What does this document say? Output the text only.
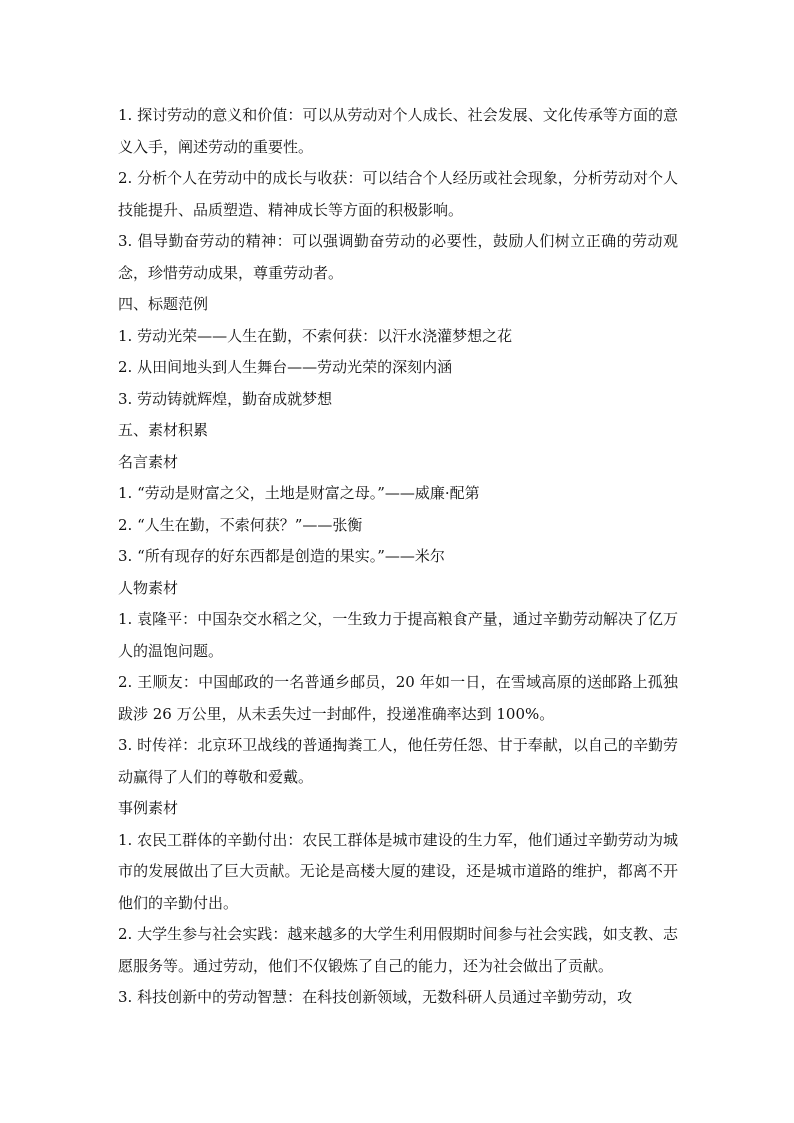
1. 探讨劳动的意义和价值：可以从劳动对个人成长、社会发展、文化传承等方面的意义入手，阐述劳动的重要性。

2. 分析个人在劳动中的成长与收获：可以结合个人经历或社会现象，分析劳动对个人技能提升、品质塑造、精神成长等方面的积极影响。

3. 倡导勤奋劳动的精神：可以强调勤奋劳动的必要性，鼓励人们树立正确的劳动观念，珍惜劳动成果，尊重劳动者。

四、标题范例

1. 劳动光荣——人生在勤，不索何获：以汗水浇灌梦想之花

2. 从田间地头到人生舞台——劳动光荣的深刻内涵

3. 劳动铸就辉煌，勤奋成就梦想

五、素材积累

名言素材

1. “劳动是财富之父，土地是财富之母。”——威廉·配第

2. “人生在勤，不索何获？”——张衡

3. “所有现存的好东西都是创造的果实。”——米尔

人物素材

1. 袁隆平：中国杂交水稻之父，一生致力于提高粮食产量，通过辛勤劳动解决了亿万人的温饱问题。

2. 王顺友：中国邮政的一名普通乡邮员，20 年如一日，在雪域高原的送邮路上孤独跋涉 26 万公里，从未丢失过一封邮件，投递准确率达到 100%。

3. 时传祥：北京环卫战线的普通掏粪工人，他任劳任怨、甘于奉献，以自己的辛勤劳动赢得了人们的尊敬和爱戴。

事例素材

1. 农民工群体的辛勤付出：农民工群体是城市建设的生力军，他们通过辛勤劳动为城市的发展做出了巨大贡献。无论是高楼大厦的建设，还是城市道路的维护，都离不开他们的辛勤付出。

2. 大学生参与社会实践：越来越多的大学生利用假期时间参与社会实践，如支教、志愿服务等。通过劳动，他们不仅锻炼了自己的能力，还为社会做出了贡献。

3. 科技创新中的劳动智慧：在科技创新领域，无数科研人员通过辛勤劳动，攻
